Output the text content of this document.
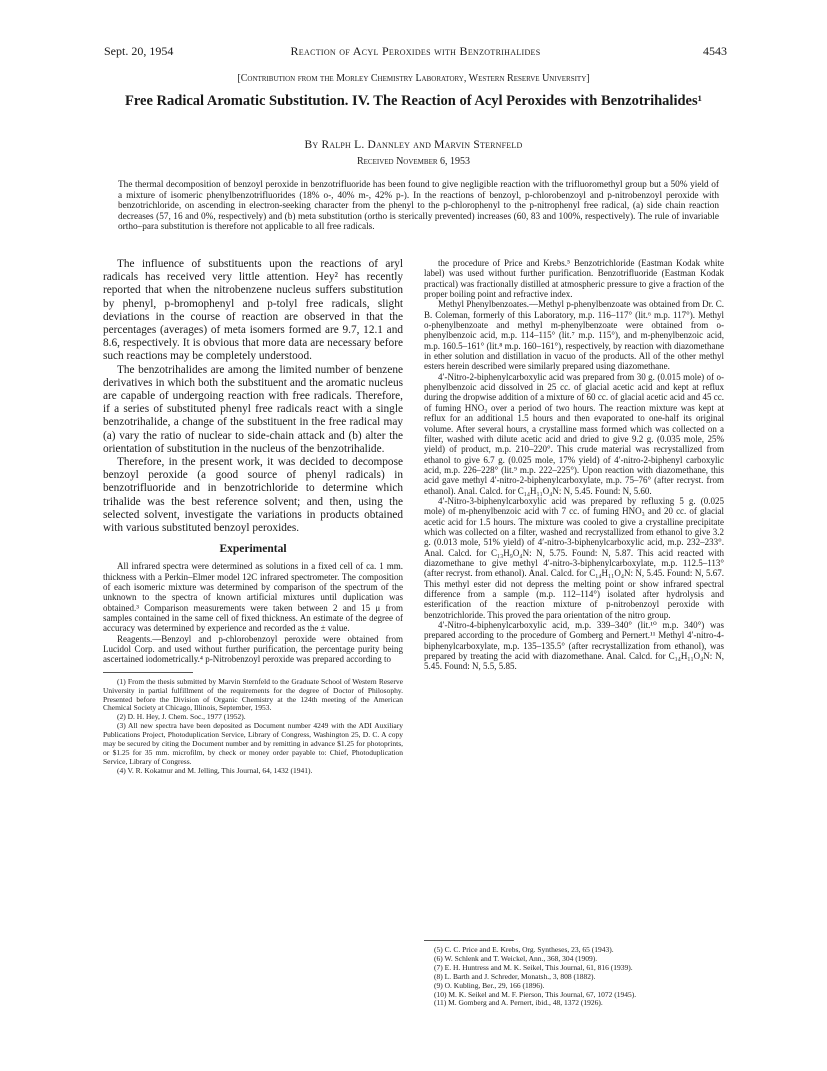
Sept. 20, 1954	Reaction of Acyl Peroxides with Benzotrihalides	4543
[Contribution from the Morley Chemistry Laboratory, Western Reserve University]
Free Radical Aromatic Substitution. IV. The Reaction of Acyl Peroxides with Benzotrihalides¹
By Ralph L. Dannley and Marvin Sternfeld
Received November 6, 1953
The thermal decomposition of benzoyl peroxide in benzotrifluoride has been found to give negligible reaction with the trifluoromethyl group but a 50% yield of a mixture of isomeric phenylbenzotrifluorides (18% o-, 40% m-, 42% p-). In the reactions of benzoyl, p-chlorobenzoyl and p-nitrobenzoyl peroxide with benzotrichloride, on ascending in electron-seeking character from the phenyl to the p-chlorophenyl to the p-nitrophenyl free radical, (a) side chain reaction decreases (57, 16 and 0%, respectively) and (b) meta substitution (ortho is sterically prevented) increases (60, 83 and 100%, respectively). The rule of invariable ortho–para substitution is therefore not applicable to all free radicals.

The influence of substituents upon the reactions of aryl radicals has received very little attention. Hey² has recently reported that when the nitrobenzene nucleus suffers substitution by phenyl, p-bromophenyl and p-tolyl free radicals, slight deviations in the course of reaction are observed in that the percentages (averages) of meta isomers formed are 9.7, 12.1 and 8.6, respectively. It is obvious that more data are necessary before such reactions may be completely understood.

The benzotrihalides are among the limited number of benzene derivatives in which both the substituent and the aromatic nucleus are capable of undergoing reaction with free radicals. Therefore, if a series of substituted phenyl free radicals react with a single benzotrihalide, a change of the substituent in the free radical may (a) vary the ratio of nuclear to side-chain attack and (b) alter the orientation of substitution in the nucleus of the benzotrihalide.

Therefore, in the present work, it was decided to decompose benzoyl peroxide (a good source of phenyl radicals) in benzotrifluoride and in benzotrichloride to determine which trihalide was the best reference solvent; and then, using the selected solvent, investigate the variations in products obtained with various substituted benzoyl peroxides.

Experimental

All infrared spectra were determined as solutions in a fixed cell of ca. 1 mm. thickness with a Perkin–Elmer model 12C infrared spectrometer. The composition of each isomeric mixture was determined by comparison of the spectrum of the unknown to the spectra of known artificial mixtures until duplication was obtained.³ Comparison measurements were taken between 2 and 15 μ from samples contained in the same cell of fixed thickness. An estimate of the degree of accuracy was determined by experience and recorded as the ± value.

Reagents.—Benzoyl and p-chlorobenzoyl peroxide were obtained from Lucidol Corp. and used without further purification, the percentage purity being ascertained iodometrically.⁴ p-Nitrobenzoyl peroxide was prepared according to

(1) From the thesis submitted by Marvin Sternfeld to the Graduate School of Western Reserve University in partial fulfillment of the requirements for the degree of Doctor of Philosophy. Presented before the Division of Organic Chemistry at the 124th meeting of the American Chemical Society at Chicago, Illinois, September, 1953.

(2) D. H. Hey, J. Chem. Soc., 1977 (1952).

(3) All new spectra have been deposited as Document number 4249 with the ADI Auxiliary Publications Project, Photoduplication Service, Library of Congress, Washington 25, D. C. A copy may be secured by citing the Document number and by remitting in advance $1.25 for photoprints, or $1.25 for 35 mm. microfilm, by check or money order payable to: Chief, Photoduplication Service, Library of Congress.

(4) V. R. Kokatnur and M. Jelling, This Journal, 64, 1432 (1941).

the procedure of Price and Krebs.⁵ Benzotrichloride (Eastman Kodak white label) was used without further purification. Benzotrifluoride (Eastman Kodak practical) was fractionally distilled at atmospheric pressure to give a fraction of the proper boiling point and refractive index.

Methyl Phenylbenzoates.—Methyl p-phenylbenzoate was obtained from Dr. C. B. Coleman, formerly of this Laboratory, m.p. 116–117° (lit.⁶ m.p. 117°). Methyl o-phenylbenzoate and methyl m-phenylbenzoate were obtained from o-phenylbenzoic acid, m.p. 114–115° (lit.⁷ m.p. 115°), and m-phenylbenzoic acid, m.p. 160.5–161° (lit.⁸ m.p. 160–161°), respectively, by reaction with diazomethane in ether solution and distillation in vacuo of the products. All of the other methyl esters herein described were similarly prepared using diazomethane.

4′-Nitro-2-biphenylcarboxylic acid was prepared from 30 g. (0.015 mole) of o-phenylbenzoic acid dissolved in 25 cc. of glacial acetic acid and kept at reflux during the dropwise addition of a mixture of 60 cc. of glacial acetic acid and 45 cc. of fuming HNO₃ over a period of two hours. The reaction mixture was kept at reflux for an additional 1.5 hours and then evaporated to one-half its original volume. After several hours, a crystalline mass formed which was collected on a filter, washed with dilute acetic acid and dried to give 9.2 g. (0.035 mole, 25% yield) of product, m.p. 210–220°. This crude material was recrystallized from ethanol to give 6.7 g. (0.025 mole, 17% yield) of 4′-nitro-2-biphenyl carboxylic acid, m.p. 226–228° (lit.⁹ m.p. 222–225°). Upon reaction with diazomethane, this acid gave methyl 4′-nitro-2-biphenylcarboxylate, m.p. 75–76° (after recryst. from ethanol). Anal. Calcd. for C₁₄H₁₁O₄N: N, 5.45. Found: N, 5.60.

4′-Nitro-3-biphenylcarboxylic acid was prepared by refluxing 5 g. (0.025 mole) of m-phenylbenzoic acid with 7 cc. of fuming HNO₃ and 20 cc. of glacial acetic acid for 1.5 hours. The mixture was cooled to give a crystalline precipitate which was collected on a filter, washed and recrystallized from ethanol to give 3.2 g. (0.013 mole, 51% yield) of 4′-nitro-3-biphenylcarboxylic acid, m.p. 232–233°. Anal. Calcd. for C₁₃H₉O₄N: N, 5.75. Found: N, 5.87. This acid reacted with diazomethane to give methyl 4′-nitro-3-biphenylcarboxylate, m.p. 112.5–113° (after recryst. from ethanol). Anal. Calcd. for C₁₄H₁₁O₄N: N, 5.45. Found: N, 5.67. This methyl ester did not depress the melting point or show infrared spectral difference from a sample (m.p. 112–114°) isolated after hydrolysis and esterification of the reaction mixture of p-nitrobenzoyl peroxide with benzotrichloride. This proved the para orientation of the nitro group.

4′-Nitro-4-biphenylcarboxylic acid, m.p. 339–340° (lit.¹⁰ m.p. 340°) was prepared according to the procedure of Gomberg and Pernert.¹¹ Methyl 4′-nitro-4-biphenylcarboxylate, m.p. 135–135.5° (after recrystallization from ethanol), was prepared by treating the acid with diazomethane. Anal. Calcd. for C₁₄H₁₁O₄N: N, 5.45. Found: N, 5.5, 5.85.

(5) C. C. Price and E. Krebs, Org. Syntheses, 23, 65 (1943).

(6) W. Schlenk and T. Weickel, Ann., 368, 304 (1909).

(7) E. H. Huntress and M. K. Seikel, This Journal, 61, 816 (1939).

(8) L. Barth and J. Schreder, Monatsh., 3, 808 (1882).

(9) O. Kubling, Ber., 29, 166 (1896).

(10) M. K. Seikel and M. F. Pierson, This Journal, 67, 1072 (1945).

(11) M. Gomberg and A. Pernert, ibid., 48, 1372 (1926).
